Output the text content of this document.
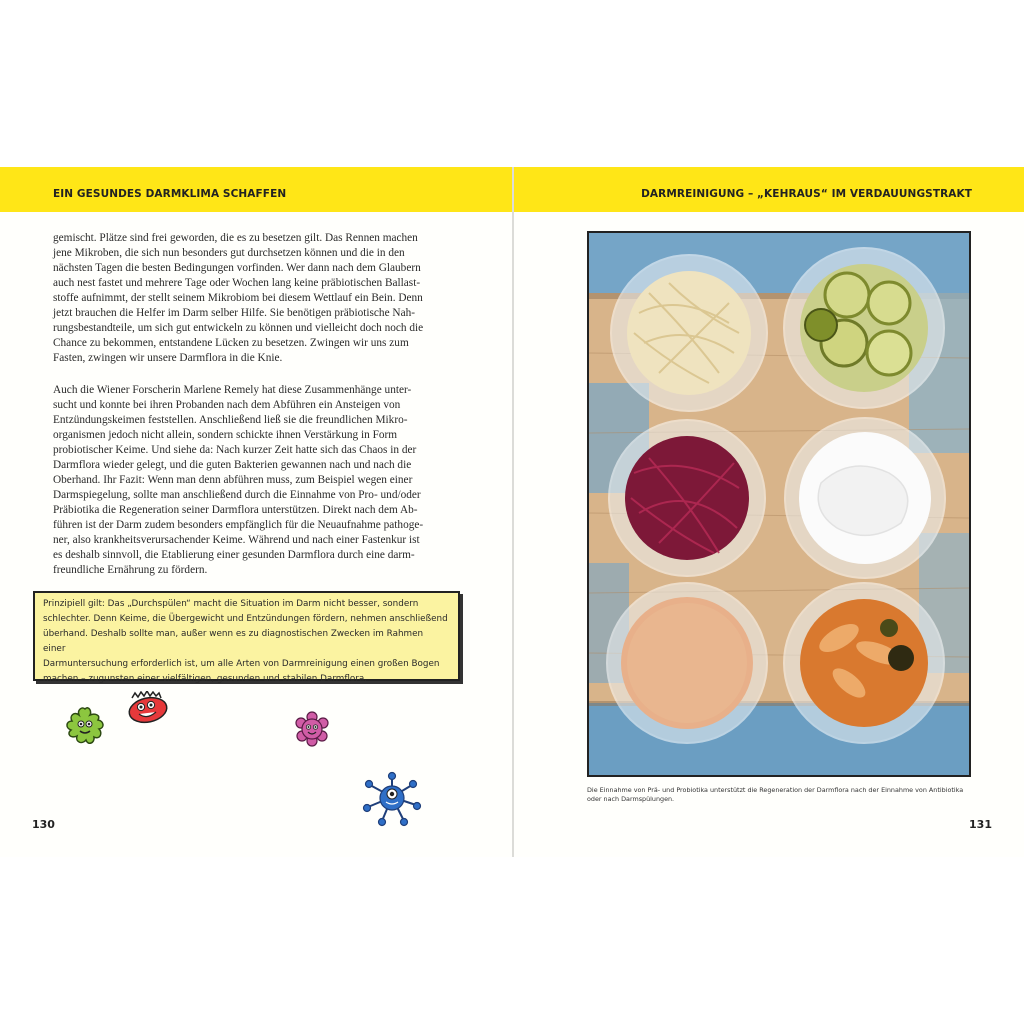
EIN GESUNDES DARMKLIMA SCHAFFEN

gemischt. Plätze sind frei geworden, die es zu besetzen gilt. Das Rennen machen
jene Mikroben, die sich nun besonders gut durchsetzen können und die in den
nächsten Tagen die besten Bedingungen vorfinden. Wer dann nach dem Glaubern
auch nest fastet und mehrere Tage oder Wochen lang keine präbiotischen Ballast-
stoffe aufnimmt, der stellt seinem Mikrobiom bei diesem Wettlauf ein Bein. Denn
jetzt brauchen die Helfer im Darm selber Hilfe. Sie benötigen präbiotische Nah-
rungsbestandteile, um sich gut entwickeln zu können und vielleicht doch noch die
Chance zu bekommen, entstandene Lücken zu besetzen. Zwingen wir uns zum
Fasten, zwingen wir unsere Darmflora in die Knie.

Auch die Wiener Forscherin Marlene Remely hat diese Zusammenhänge unter-
sucht und konnte bei ihren Probanden nach dem Abführen ein Ansteigen von
Entzündungskeimen feststellen. Anschließend ließ sie die freundlichen Mikro-
organismen jedoch nicht allein, sondern schickte ihnen Verstärkung in Form
probiotischer Keime. Und siehe da: Nach kurzer Zeit hatte sich das Chaos in der
Darmflora wieder gelegt, und die guten Bakterien gewannen nach und nach die
Oberhand. Ihr Fazit: Wenn man denn abführen muss, zum Beispiel wegen einer
Darmspiegelung, sollte man anschließend durch die Einnahme von Pro- und/oder
Präbiotika die Regeneration seiner Darmflora unterstützen. Direkt nach dem Ab-
führen ist der Darm zudem besonders empfänglich für die Neuaufnahme pathoge-
ner, also krankheitsverursachender Keime. Während und nach einer Fastenkur ist
es deshalb sinnvoll, die Etablierung einer gesunden Darmflora durch eine darm-
freundliche Ernährung zu fördern.

Prinzipiell gilt: Das „Durchspülen“ macht die Situation im Darm nicht besser, sondern
schlechter. Denn Keime, die Übergewicht und Entzündungen fördern, nehmen anschließend
überhand. Deshalb sollte man, außer wenn es zu diagnostischen Zwecken im Rahmen einer
Darmuntersuchung erforderlich ist, um alle Arten von Darmreinigung einen großen Bogen
machen – zugunsten einer vielfältigen, gesunden und stabilen Darmflora.
130
DARMREINIGUNG – „KEHRAUS“ IM VERDAUUNGSTRAKT
Die Einnahme von Prä- und Probiotika unterstützt die Regeneration der Darmflora nach der Einnahme von Antibiotika oder nach Darmspülungen.
131
